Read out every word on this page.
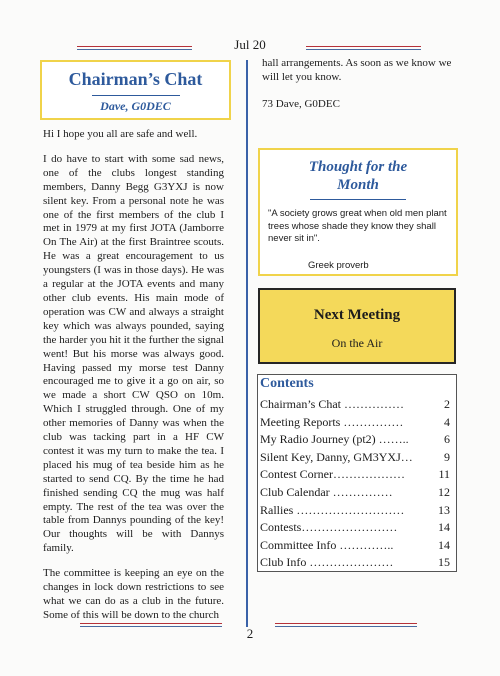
Jul 20
Chairman’s Chat
Dave, G0DEC

Hi I hope you all are safe and well.

I do have to start with some sad news, one of the clubs longest standing members, Danny Begg G3YXJ is now silent key. From a personal note he was one of the first members of the club I met in 1979 at my first JOTA (Jamborre On The Air) at the first Braintree scouts. He was a great encouragement to us youngsters (I was in those days). He was a regular at the JOTA events and many other club events. His main mode of operation was CW and always a straight key which was always pounded, saying the harder you hit it the further the signal went! But his morse was always good. Having passed my morse test Danny encouraged me to give it a go on air, so we made a short CW QSO on 10m. Which I struggled through. One of my other memories of Danny was when the club was tacking part in a HF CW contest it was my turn to make the tea. I placed his mug of tea beside him as he started to send CQ. By the time he had finished sending CQ the mug was half empty. The rest of the tea was over the table from Dannys pounding of the key! Our thoughts will be with Dannys family.

The committee is keeping an eye on the changes in lock down restrictions to see what we can do as a club in the future. Some of this will be down to the church

hall arrangements. As soon as we know we will let you know.
73 Dave, G0DEC
Thought for the
Month
"A society grows great when old men plant trees whose shade they know they shall never sit in".
Greek proverb
Next Meeting
On the Air
Contents
Chairman’s Chat ……………	2
Meeting Reports ……………	4
My Radio Journey (pt2) ……..	6
Silent Key, Danny, GM3YXJ…	9
Contest Corner………………	11
Club Calendar ……………	12
Rallies ………………………	13
Contests……………………	14
Committee Info …………..	14
Club Info …………………	15
2
